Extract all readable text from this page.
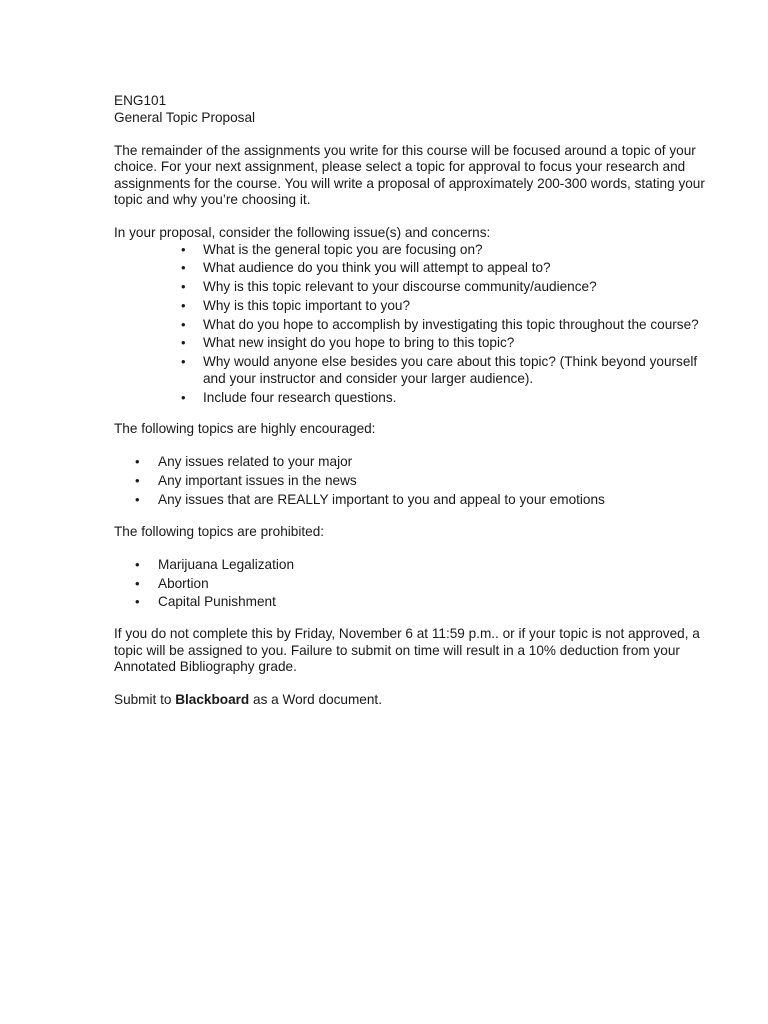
ENG101

General Topic Proposal

The remainder of the assignments you write for this course will be focused around a topic of your choice. For your next assignment, please select a topic for approval to focus your research and assignments for the course. You will write a proposal of approximately 200-300 words, stating your topic and why you’re choosing it.

In your proposal, consider the following issue(s) and concerns:

• What is the general topic you are focusing on?
• What audience do you think you will attempt to appeal to?
• Why is this topic relevant to your discourse community/audience?
• Why is this topic important to you?
• What do you hope to accomplish by investigating this topic throughout the course?
• What new insight do you hope to bring to this topic?
• Why would anyone else besides you care about this topic? (Think beyond yourself and your instructor and consider your larger audience).
• Include four research questions.

The following topics are highly encouraged:

• Any issues related to your major
• Any important issues in the news
• Any issues that are REALLY important to you and appeal to your emotions

The following topics are prohibited:

• Marijuana Legalization
• Abortion
• Capital Punishment

If you do not complete this by Friday, November 6 at 11:59 p.m.. or if your topic is not approved, a topic will be assigned to you. Failure to submit on time will result in a 10% deduction from your Annotated Bibliography grade.

Submit to Blackboard as a Word document.
